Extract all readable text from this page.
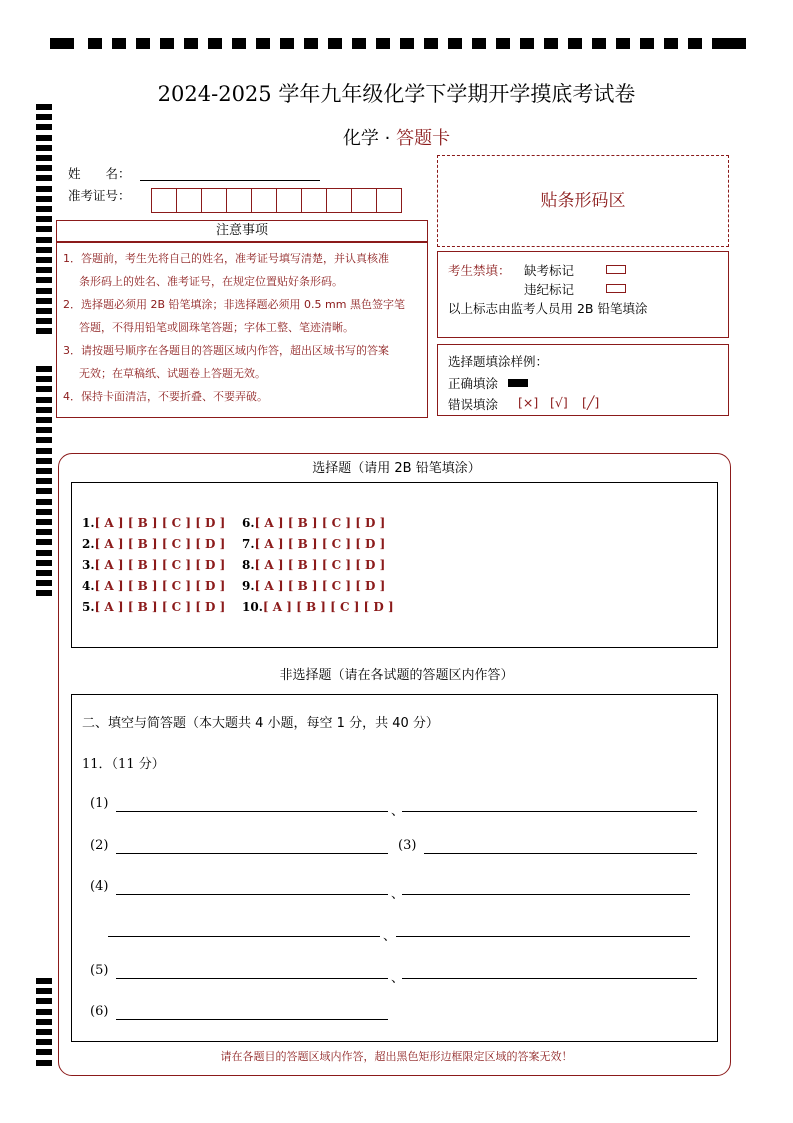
2024-2025 学年九年级化学下学期开学摸底考试卷
化学 · 答题卡
姓　　名：
准考证号：	贴条形码区
注意事项
1．答题前，考生先将自己的姓名，准考证号填写清楚，并认真核准
条形码上的姓名、准考证号，在规定位置贴好条形码。
2．选择题必须用 2B 铅笔填涂；非选择题必须用 0.5 mm 黑色签字笔
答题，不得用铅笔或圆珠笔答题；字体工整、笔迹清晰。
3．请按题号顺序在各题目的答题区域内作答，超出区域书写的答案
无效；在草稿纸、试题卷上答题无效。
4．保持卡面清洁，不要折叠、不要弄破。
考生禁填： 缺考标记
违纪标记
以上标志由监考人员用 2B 铅笔填涂
选择题填涂样例：
正确填涂
错误填涂 [×] [√] [╱]
选择题（请用 2B 铅笔填涂）
1.[ A ] [ B ] [ C ] [ D ]
2.[ A ] [ B ] [ C ] [ D ]
3.[ A ] [ B ] [ C ] [ D ]
4.[ A ] [ B ] [ C ] [ D ]
5.[ A ] [ B ] [ C ] [ D ]
6.[ A ] [ B ] [ C ] [ D ]
7.[ A ] [ B ] [ C ] [ D ]
8.[ A ] [ B ] [ C ] [ D ]
9.[ A ] [ B ] [ C ] [ D ]
10.[ A ] [ B ] [ C ] [ D ]
非选择题（请在各试题的答题区内作答）
二、填空与简答题（本大题共 4 小题，每空 1 分，共 40 分）
11．（11 分）
(1)
、
(2)	(3)
(4)
、
、
(5)
、
(6)
请在各题目的答题区域内作答，超出黑色矩形边框限定区域的答案无效！
